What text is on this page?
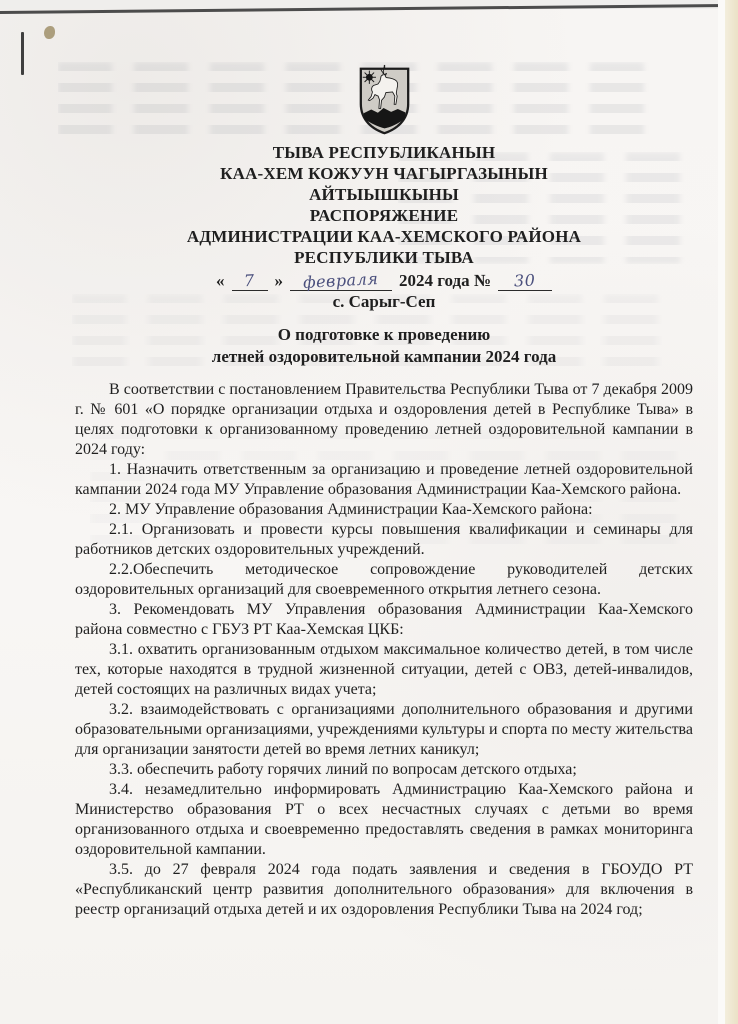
ТЫВА РЕСПУБЛИКАНЫН
КАА-ХЕМ КОЖУУН ЧАГЫРГАЗЫНЫН
АЙТЫЫШКЫНЫ
РАСПОРЯЖЕНИЕ
АДМИНИСТРАЦИИ КАА-ХЕМСКОГО РАЙОНА
РЕСПУБЛИКИ ТЫВА
«	7	»	февраля	2024 года №	30
с. Сарыг-Сеп
О подготовке к проведению
летней оздоровительной кампании 2024 года

В соответствии с постановлением Правительства Республики Тыва от 7 декабря 2009 г. № 601 «О порядке организации отдыха и оздоровления детей в Республике Тыва» в целях подготовки к организованному проведению летней оздоровительной кампании в 2024 году:

1. Назначить ответственным за организацию и проведение летней оздоровительной кампании 2024 года МУ Управление образования Администрации Каа-Хемского района.

2. МУ Управление образования Администрации Каа-Хемского района:

2.1. Организовать и провести курсы повышения квалификации и семинары для работников детских оздоровительных учреждений.

2.2.Обеспечить методическое сопровождение руководителей детских оздоровительных организаций для своевременного открытия летнего сезона.

3. Рекомендовать МУ Управления образования Администрации Каа-Хемского района совместно с ГБУЗ РТ Каа-Хемская ЦКБ:

3.1. охватить организованным отдыхом максимальное количество детей, в том числе тех, которые находятся в трудной жизненной ситуации, детей с ОВЗ, детей-инвалидов, детей состоящих на различных видах учета;

3.2. взаимодействовать с организациями дополнительного образования и другими образовательными организациями, учреждениями культуры и спорта по месту жительства для организации занятости детей во время летних каникул;

3.3. обеспечить работу горячих линий по вопросам детского отдыха;

3.4. незамедлительно информировать Администрацию Каа-Хемского района и Министерство образования РТ о всех несчастных случаях с детьми во время организованного отдыха и своевременно предоставлять сведения в рамках мониторинга оздоровительной кампании.

3.5. до 27 февраля 2024 года подать заявления и сведения в ГБОУДО РТ «Республиканский центр развития дополнительного образования» для включения в реестр организаций отдыха детей и их оздоровления Республики Тыва на 2024 год;
